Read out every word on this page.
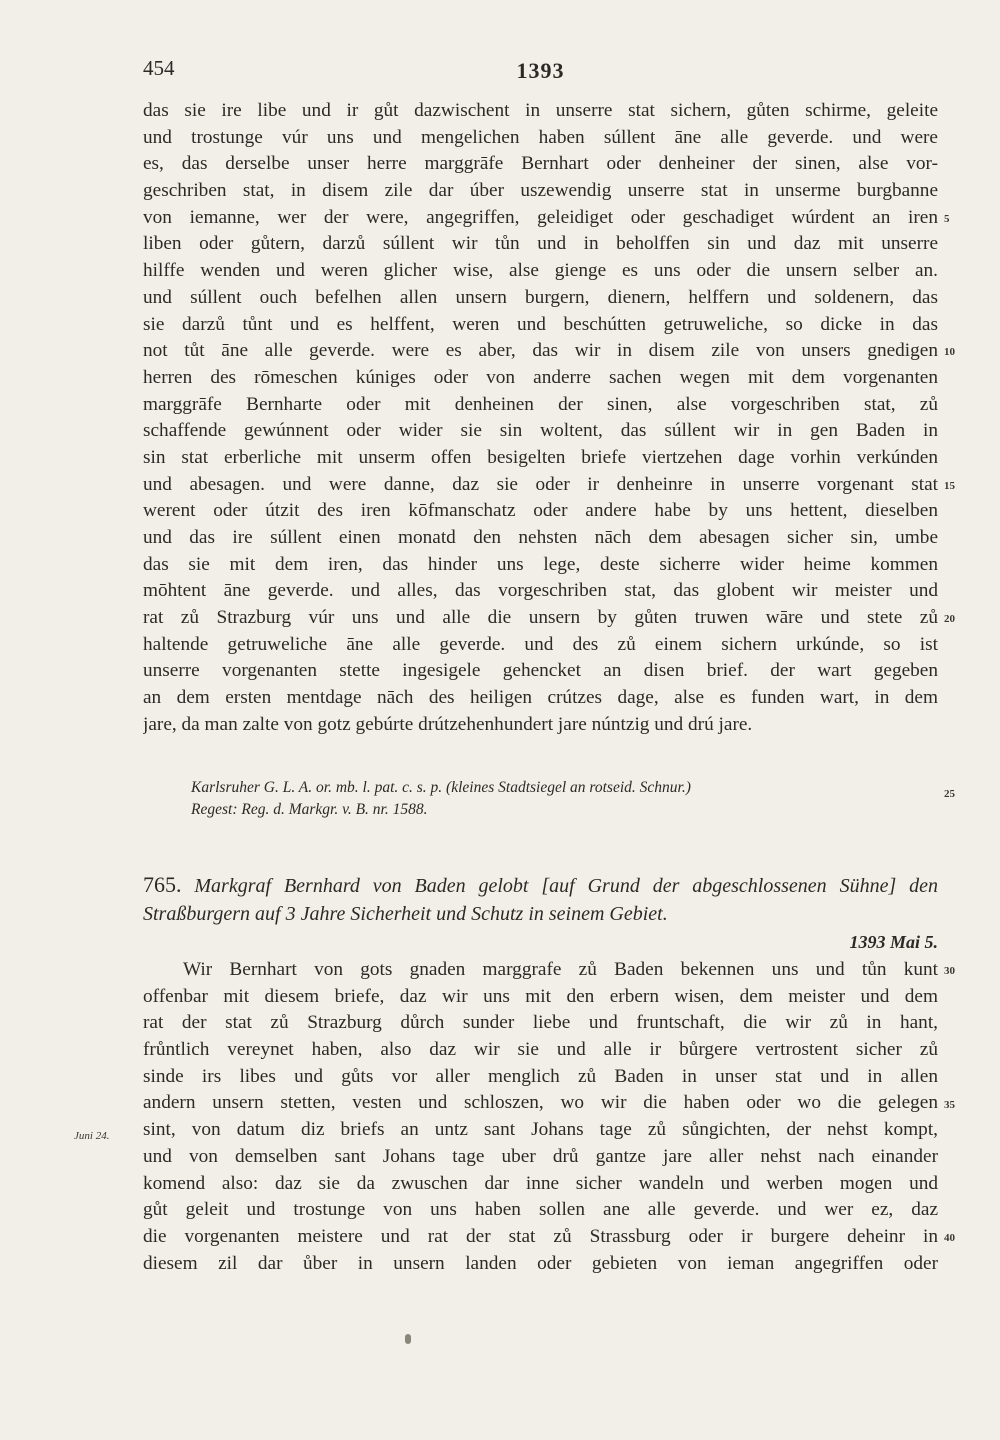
454	1393
das sie ire libe und ir gůt dazwischent in unserre stat sichern, gůten schirme, geleite
und trostunge vúr uns und mengelichen haben súllent āne alle geverde. und were
es, das derselbe unser herre marggrāfe Bernhart oder denheiner der sinen, alse vor-
geschriben stat, in disem zile dar úber uszewendig unserre stat in unserme burgbanne
von iemanne, wer der were, angegriffen, geleidiget oder geschadiget wúrdent an iren
liben oder gůtern, darzů súllent wir tůn und in beholffen sin und daz mit unserre
hilffe wenden und weren glicher wise, alse gienge es uns oder die unsern selber an.
und súllent ouch befelhen allen unsern burgern, dienern, helffern und soldenern, das
sie darzů tůnt und es helffent, weren und beschútten getruweliche, so dicke in das
not tůt āne alle geverde. were es aber, das wir in disem zile von unsers gnedigen
herren des rōmeschen kúniges oder von anderre sachen wegen mit dem vorgenanten
marggrāfe Bernharte oder mit denheinen der sinen, alse vorgeschriben stat, zů
schaffende gewúnnent oder wider sie sin woltent, das súllent wir in gen Baden in
sin stat erberliche mit unserm offen besigelten briefe viertzehen dage vorhin verkúnden
und abesagen. und were danne, daz sie oder ir denheinre in unserre vorgenant stat
werent oder útzit des iren kōfmanschatz oder andere habe by uns hettent, dieselben
und das ire súllent einen monatd den nehsten nāch dem abesagen sicher sin, umbe
das sie mit dem iren, das hinder uns lege, deste sicherre wider heime kommen
mōhtent āne geverde. und alles, das vorgeschriben stat, das globent wir meister und
rat zů Strazburg vúr uns und alle die unsern by gůten truwen wāre und stete zů
haltende getruweliche āne alle geverde. und des zů einem sichern urkúnde, so ist
unserre vorgenanten stette ingesigele gehencket an disen brief. der wart gegeben
an dem ersten mentdage nāch des heiligen crútzes dage, alse es funden wart, in dem
jare, da man zalte von gotz gebúrte drútzehenhundert jare núntzig und drú jare.
5
10
15
20
25
Karlsruher G. L. A. or. mb. l. pat. c. s. p. (kleines Stadtsiegel an rotseid. Schnur.)
Regest: Reg. d. Markgr. v. B. nr. 1588.
765. Markgraf Bernhard von Baden gelobt [auf Grund der abgeschlossenen Sühne] den Straßburgern auf 3 Jahre Sicherheit und Schutz in seinem Gebiet.
1393 Mai 5.
Wir Bernhart von gots gnaden marggrafe zů Baden bekennen uns und tůn kunt
offenbar mit diesem briefe, daz wir uns mit den erbern wisen, dem meister und dem
rat der stat zů Strazburg důrch sunder liebe und fruntschaft, die wir zů in hant,
frůntlich vereynet haben, also daz wir sie und alle ir bůrgere vertrostent sicher zů
sinde irs libes und gůts vor aller menglich zů Baden in unser stat und in allen
andern unsern stetten, vesten und schloszen, wo wir die haben oder wo die gelegen
sint, von datum diz briefs an untz sant Johans tage zů sůngichten, der nehst kompt,
und von demselben sant Johans tage uber drů gantze jare aller nehst nach einander
komend also: daz sie da zwuschen dar inne sicher wandeln und werben mogen und
gůt geleit und trostunge von uns haben sollen ane alle geverde. und wer ez, daz
die vorgenanten meistere und rat der stat zů Strassburg oder ir burgere deheinr in
diesem zil dar ůber in unsern landen oder gebieten von ieman angegriffen oder
30
35
40
Juni 24.
